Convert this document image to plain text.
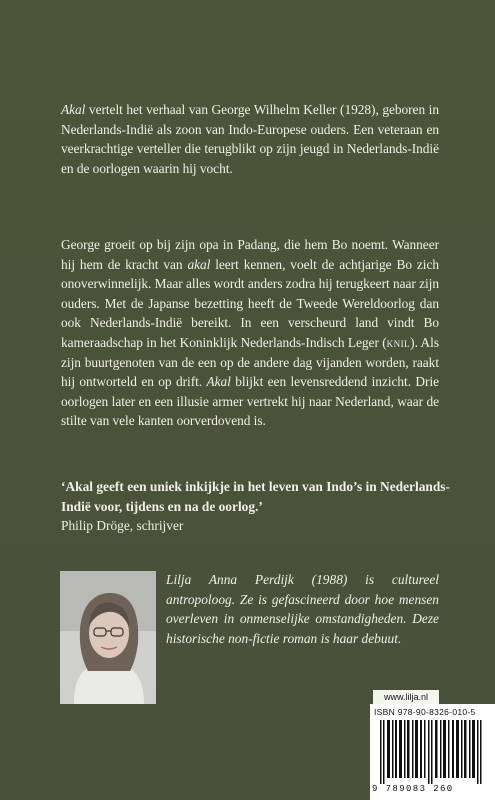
Akal vertelt het verhaal van George Wilhelm Keller (1928), geboren in Nederlands-Indië als zoon van Indo-Europese ouders. Een veteraan en veerkrachtige verteller die terugblikt op zijn jeugd in Nederlands-Indië en de oorlogen waarin hij vocht.

George groeit op bij zijn opa in Padang, die hem Bo noemt. Wanneer hij hem de kracht van akal leert kennen, voelt de achtjarige Bo zich onoverwinnelijk. Maar alles wordt anders zodra hij terugkeert naar zijn ouders. Met de Japanse bezetting heeft de Tweede Wereldoorlog dan ook Nederlands-Indië bereikt. In een verscheurd land vindt Bo kameraadschap in het Koninklijk Nederlands-Indisch Leger (knil). Als zijn buurtgenoten van de een op de andere dag vijanden worden, raakt hij ontworteld en op drift. Akal blijkt een levensreddend inzicht. Drie oorlogen later en een illusie armer vertrekt hij naar Nederland, waar de stilte van vele kanten oorverdovend is.

‘Akal geeft een uniek inkijkje in het leven van Indo’s in Nederlands-Indië voor, tijdens en na de oorlog.’
Philip Dröge, schrijver
Lilja Anna Perdijk (1988) is cultureel antropoloog. Ze is gefascineerd door hoe mensen overleven in onmenselijke omstandigheden. Deze historische non-fictie roman is haar debuut.
www.lilja.nl
ISBN 978-90-8326-010-5
9 789083 260
